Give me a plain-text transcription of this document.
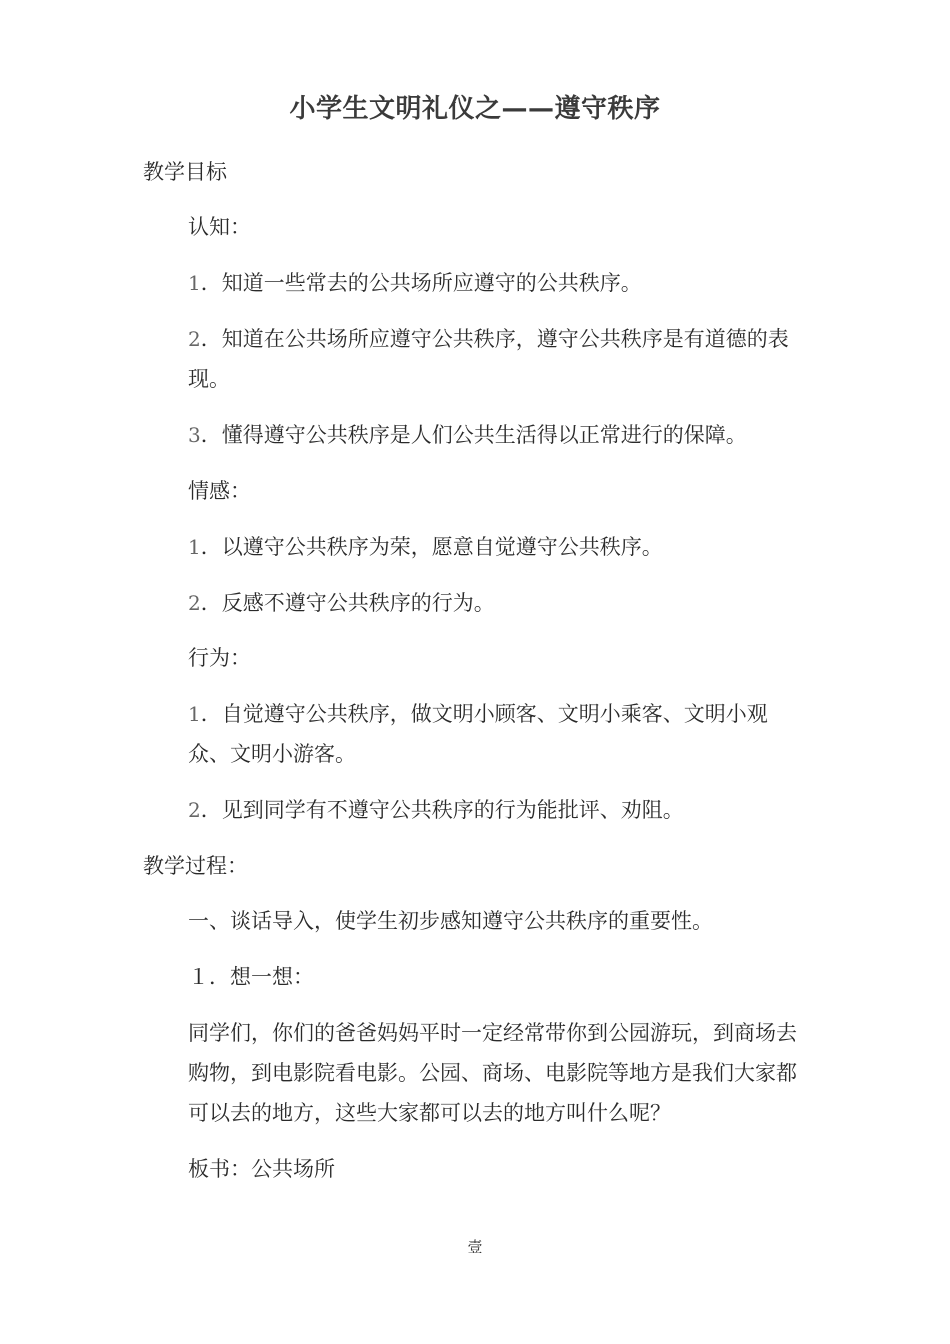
小学生文明礼仪之——遵守秩序
教学目标
认知：
1．知道一些常去的公共场所应遵守的公共秩序。
2．知道在公共场所应遵守公共秩序，遵守公共秩序是有道德的表现。
3．懂得遵守公共秩序是人们公共生活得以正常进行的保障。
情感：
1．以遵守公共秩序为荣，愿意自觉遵守公共秩序。
2．反感不遵守公共秩序的行为。
行为：
1．自觉遵守公共秩序，做文明小顾客、文明小乘客、文明小观众、文明小游客。
2．见到同学有不遵守公共秩序的行为能批评、劝阻。
教学过程：
一、谈话导入，使学生初步感知遵守公共秩序的重要性。
１．想一想：
同学们，你们的爸爸妈妈平时一定经常带你到公园游玩，到商场去购物，到电影院看电影。公园、商场、电影院等地方是我们大家都可以去的地方，这些大家都可以去的地方叫什么呢？
板书：公共场所
壹
